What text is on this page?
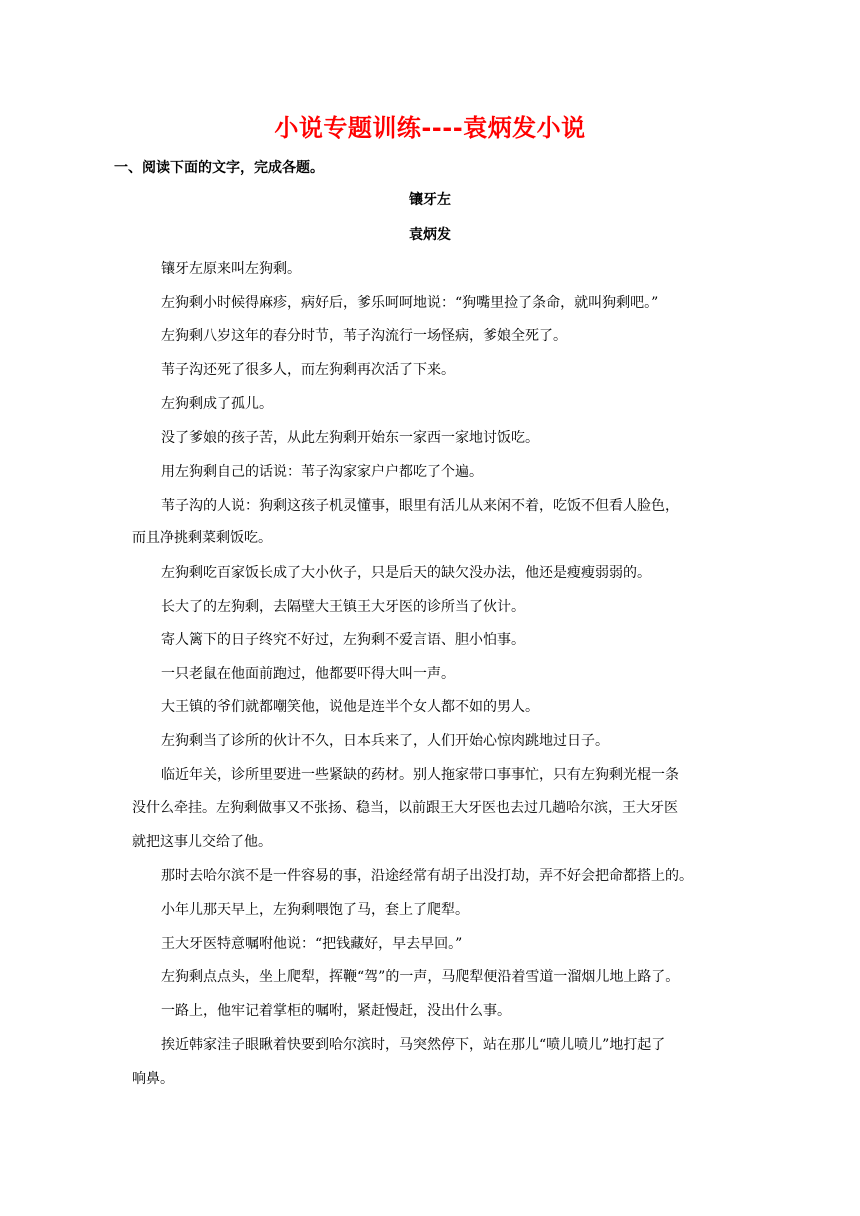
小说专题训练----袁炳发小说
一、阅读下面的文字，完成各题。
镶牙左
袁炳发
镶牙左原来叫左狗剩。
左狗剩小时候得麻疹，病好后，爹乐呵呵地说：“狗嘴里捡了条命，就叫狗剩吧。”
左狗剩八岁这年的春分时节，苇子沟流行一场怪病，爹娘全死了。
苇子沟还死了很多人，而左狗剩再次活了下来。
左狗剩成了孤儿。
没了爹娘的孩子苦，从此左狗剩开始东一家西一家地讨饭吃。
用左狗剩自己的话说：苇子沟家家户户都吃了个遍。
苇子沟的人说：狗剩这孩子机灵懂事，眼里有活儿从来闲不着，吃饭不但看人脸色，
而且净挑剩菜剩饭吃。
左狗剩吃百家饭长成了大小伙子，只是后天的缺欠没办法，他还是瘦瘦弱弱的。
长大了的左狗剩，去隔壁大王镇王大牙医的诊所当了伙计。
寄人篱下的日子终究不好过，左狗剩不爱言语、胆小怕事。
一只老鼠在他面前跑过，他都要吓得大叫一声。
大王镇的爷们就都嘲笑他，说他是连半个女人都不如的男人。
左狗剩当了诊所的伙计不久，日本兵来了，人们开始心惊肉跳地过日子。
临近年关，诊所里要进一些紧缺的药材。别人拖家带口事事忙，只有左狗剩光棍一条
没什么牵挂。左狗剩做事又不张扬、稳当，以前跟王大牙医也去过几趟哈尔滨，王大牙医
就把这事儿交给了他。
那时去哈尔滨不是一件容易的事，沿途经常有胡子出没打劫，弄不好会把命都搭上的。
小年儿那天早上，左狗剩喂饱了马，套上了爬犁。
王大牙医特意嘱咐他说：“把钱藏好，早去早回。”
左狗剩点点头，坐上爬犁，挥鞭“驾”的一声，马爬犁便沿着雪道一溜烟儿地上路了。
一路上，他牢记着掌柜的嘱咐，紧赶慢赶，没出什么事。
挨近韩家洼子眼瞅着快要到哈尔滨时，马突然停下，站在那儿“喷儿喷儿”地打起了
响鼻。
